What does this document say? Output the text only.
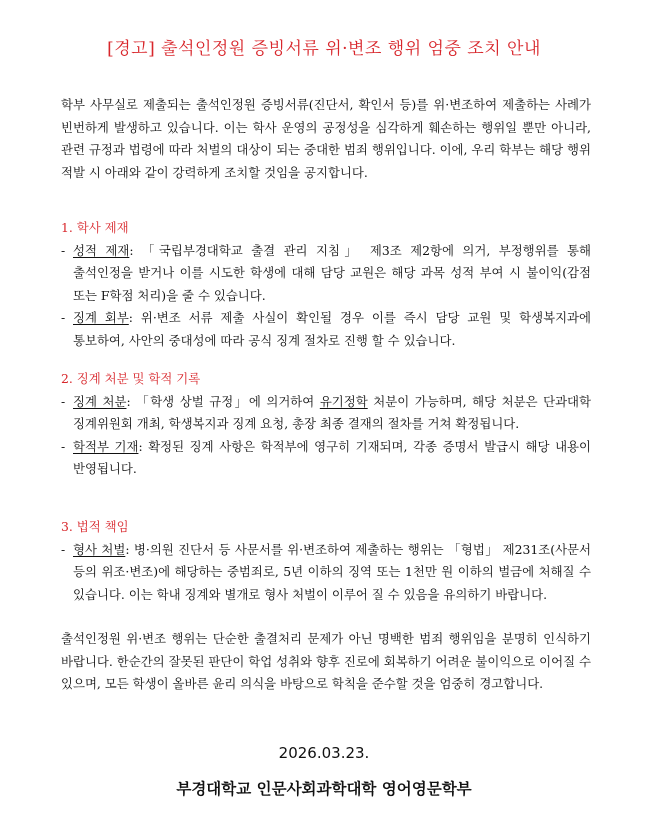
[경고] 출석인정원 증빙서류 위·변조 행위 엄중 조치 안내
학부 사무실로 제출되는 출석인정원 증빙서류(진단서, 확인서 등)를 위·변조하여 제출하는 사례가 빈번하게 발생하고 있습니다. 이는 학사 운영의 공정성을 심각하게 훼손하는 행위일 뿐만 아니라, 관련 규정과 법령에 따라 처벌의 대상이 되는 중대한 범죄 행위입니다. 이에, 우리 학부는 해당 행위 적발 시 아래와 같이 강력하게 조치할 것임을 공지합니다.
1. 학사 제재
- 성적 제재: 「국립부경대학교 출결 관리 지침」 제3조 제2항에 의거, 부정행위를 통해 출석인정을 받거나 이를 시도한 학생에 대해 담당 교원은 해당 과목 성적 부여 시 불이익(감점 또는 F학점 처리)을 줄 수 있습니다.
- 징계 회부: 위·변조 서류 제출 사실이 확인될 경우 이를 즉시 담당 교원 및 학생복지과에 통보하여, 사안의 중대성에 따라 공식 징계 절차로 진행 할 수 있습니다.
2. 징계 처분 및 학적 기록
- 징계 처분: 「학생 상벌 규정」에 의거하여 유기정학 처분이 가능하며, 해당 처분은 단과대학 징계위원회 개최, 학생복지과 징계 요청, 총장 최종 결재의 절차를 거쳐 확정됩니다.
- 학적부 기재: 확정된 징계 사항은 학적부에 영구히 기재되며, 각종 증명서 발급시 해당 내용이 반영됩니다.
3. 법적 책임
- 형사 처벌: 병·의원 진단서 등 사문서를 위·변조하여 제출하는 행위는 「형법」 제231조(사문서 등의 위조·변조)에 해당하는 중범죄로, 5년 이하의 징역 또는 1천만 원 이하의 벌금에 처해질 수 있습니다. 이는 학내 징계와 별개로 형사 처벌이 이루어 질 수 있음을 유의하기 바랍니다.
출석인정원 위·변조 행위는 단순한 출결처리 문제가 아닌 명백한 범죄 행위임을 분명히 인식하기 바랍니다. 한순간의 잘못된 판단이 학업 성취와 향후 진로에 회복하기 어려운 불이익으로 이어질 수 있으며, 모든 학생이 올바른 윤리 의식을 바탕으로 학칙을 준수할 것을 엄중히 경고합니다.
2026.03.23.
부경대학교 인문사회과학대학 영어영문학부
